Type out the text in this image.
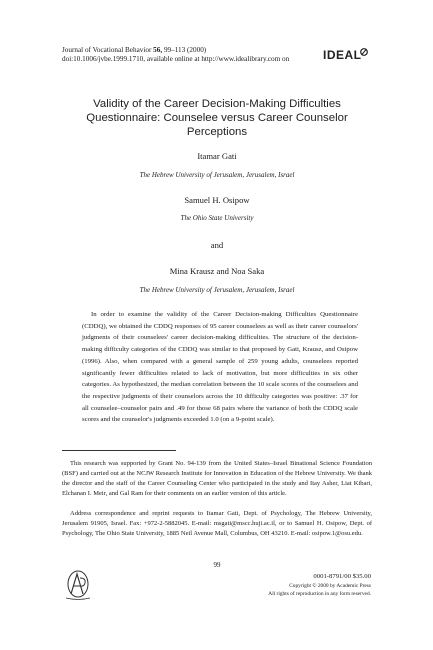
Journal of Vocational Behavior 56, 99–113 (2000)
doi:10.1006/jvbe.1999.1710, available online at http://www.idealibrary.com on	IDEAL
Validity of the Career Decision-Making Difficulties Questionnaire: Counselee versus Career Counselor Perceptions
Itamar Gati
The Hebrew University of Jerusalem, Jerusalem, Israel
Samuel H. Osipow
The Ohio State University
and
Mina Krausz and Noa Saka
The Hebrew University of Jerusalem, Jerusalem, Israel
In order to examine the validity of the Career Decision-making Difficulties Questionnaire (CDDQ), we obtained the CDDQ responses of 95 career counselees as well as their career counselors' judgments of their counselees' career decision-making difficulties. The structure of the decision-making difficulty categories of the CDDQ was similar to that proposed by Gati, Krausz, and Osipow (1996). Also, when compared with a general sample of 259 young adults, counselees reported significantly fewer difficulties related to lack of motivation, but more difficulties in six other categories. As hypothesized, the median correlation between the 10 scale scores of the counselees and the respective judgments of their counselors across the 10 difficulty categories was positive: .37 for all counselee–counselor pairs and .49 for those 68 pairs where the variance of both the CDDQ scale scores and the counselor's judgments exceeded 1.0 (on a 9-point scale).
This research was supported by Grant No. 94-139 from the United States–Israel Binational Science Foundation (BSF) and carried out at the NCJW Research Institute for Innovation in Education of the Hebrew University. We thank the director and the staff of the Career Counseling Center who participated in the study and Itay Asher, Liat Kibari, Elchanan I. Meir, and Gal Ram for their comments on an earlier version of this article.
Address correspondence and reprint requests to Itamar Gati, Dept. of Psychology, The Hebrew University, Jerusalem 91905, Israel. Fax: +972-2-5882045. E-mail: msgati@mscc.huji.ac.il, or to Samuel H. Osipow, Dept. of Psychology, The Ohio State University, 1885 Neil Avenue Mall, Columbus, OH 43210. E-mail: osipow.1@osu.edu.
99
0001-8791/00 $35.00
Copyright © 2000 by Academic Press
All rights of reproduction in any form reserved.
